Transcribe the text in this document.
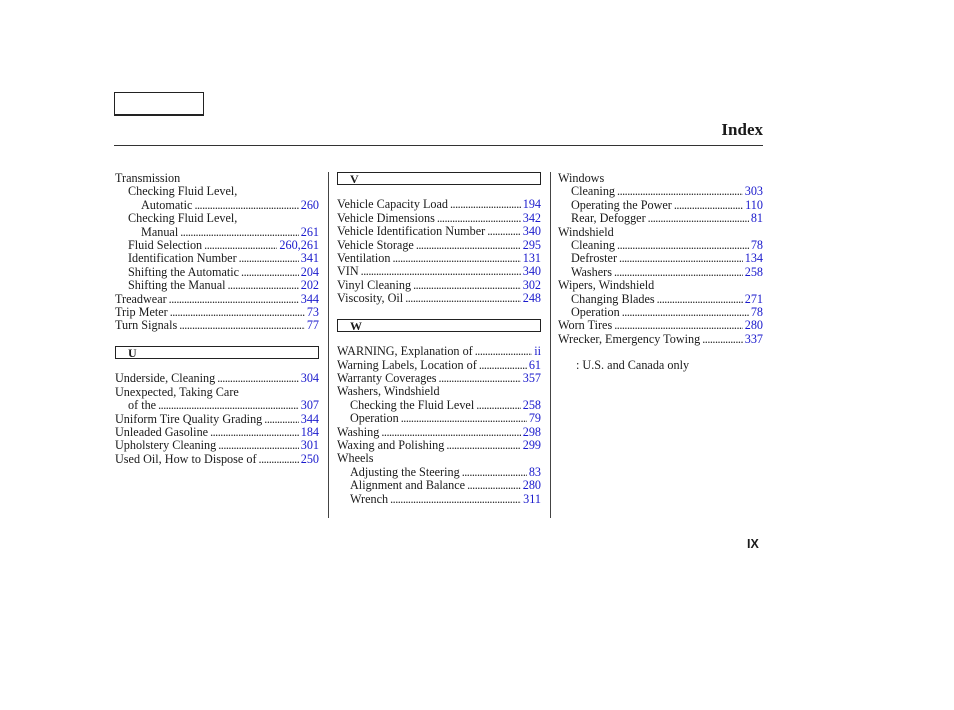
Index
Transmission
Checking Fluid Level,
Automatic .....	260
Checking Fluid Level,
Manual .....	261
Fluid Selection .....	260 , 261
Identification Number .....	341
Shifting the Automatic .....	204
Shifting the Manual .....	202
Treadwear .....	344
Trip Meter .....	73
Turn Signals .....	77
U
Underside, Cleaning .....	304
Unexpected, Taking Care
of the .....	307
Uniform Tire Quality Grading .....	344
Unleaded Gasoline .....	184
Upholstery Cleaning .....	301
Used Oil, How to Dispose of .....	250
V
Vehicle Capacity Load .....	194
Vehicle Dimensions .....	342
Vehicle Identification Number .....	340
Vehicle Storage .....	295
Ventilation .....	131
VIN .....	340
Vinyl Cleaning .....	302
Viscosity, Oil .....	248
W
WARNING, Explanation of .....	ii
Warning Labels, Location of .....	61
Warranty Coverages .....	357
Washers, Windshield
Checking the Fluid Level .....	258
Operation .....	79
Washing .....	298
Waxing and Polishing .....	299
Wheels
Adjusting the Steering .....	83
Alignment and Balance .....	280
Wrench .....	311
Windows
Cleaning .....	303
Operating the Power .....	110
Rear, Defogger .....	81
Windshield
Cleaning .....	78
Defroster .....	134
Washers .....	258
Wipers, Windshield
Changing Blades .....	271
Operation .....	78
Worn Tires .....	280
Wrecker, Emergency Towing .....	337
: U.S. and Canada only
IX
